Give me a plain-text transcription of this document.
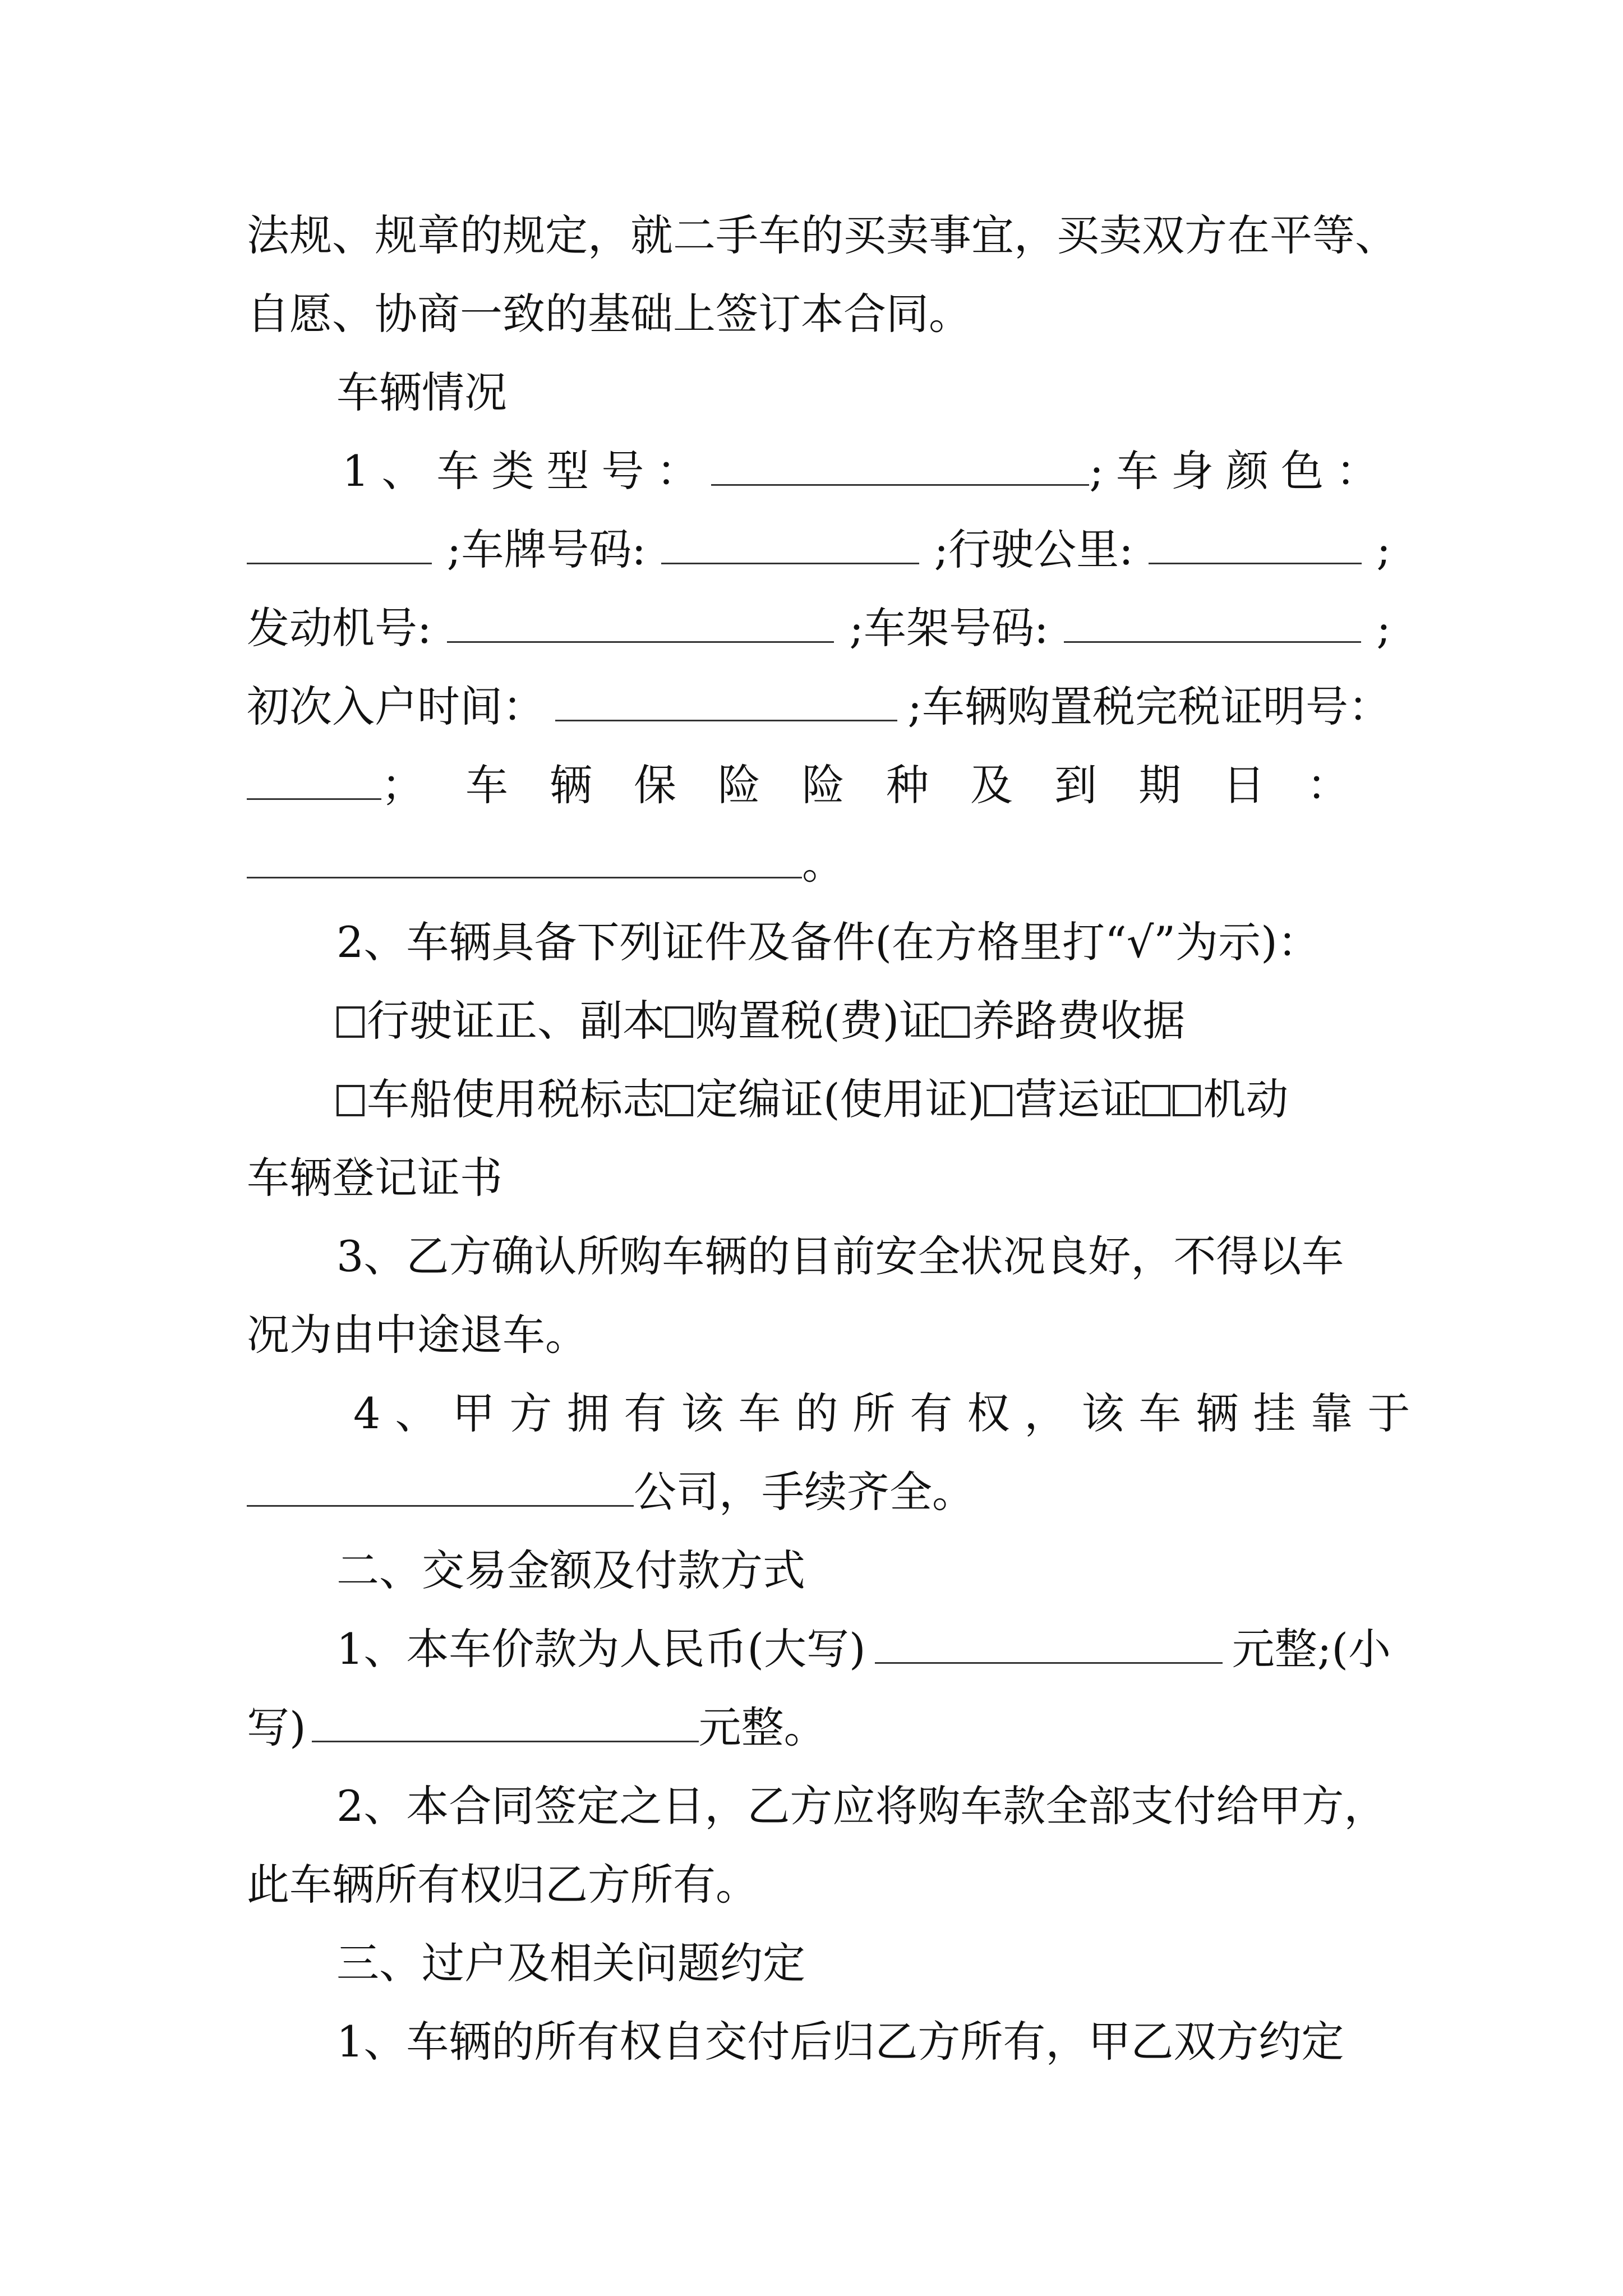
法规、规章的规定，就二手车的买卖事宜，买卖双方在平等、
自愿、协商一致的基础上签订本合同。
车辆情况
1、车类型号：	;车身颜色：
;车牌号码:	;行驶公里:	;
发动机号:	;车架号码:	;
初次入户时间：	;车辆购置税完税证明号：
；车辆保险险种及到期日：
。
2、车辆具备下列证件及备件(在方格里打“√”为示)：
行驶证正、副本 购置税(费)证 养路费收据
车船使用税标志 定编证(使用证) 营运证 机动
车辆登记证书
3、乙方确认所购车辆的目前安全状况良好，不得以车
况为由中途退车。
4、甲方拥有该车的所有权，该车辆挂靠于
公司，手续齐全。
二、交易金额及付款方式
1、本车价款为人民币(大写)	元整;(小
写)	元整。
2、本合同签定之日，乙方应将购车款全部支付给甲方，
此车辆所有权归乙方所有。
三、过户及相关问题约定
1、车辆的所有权自交付后归乙方所有，甲乙双方约定
